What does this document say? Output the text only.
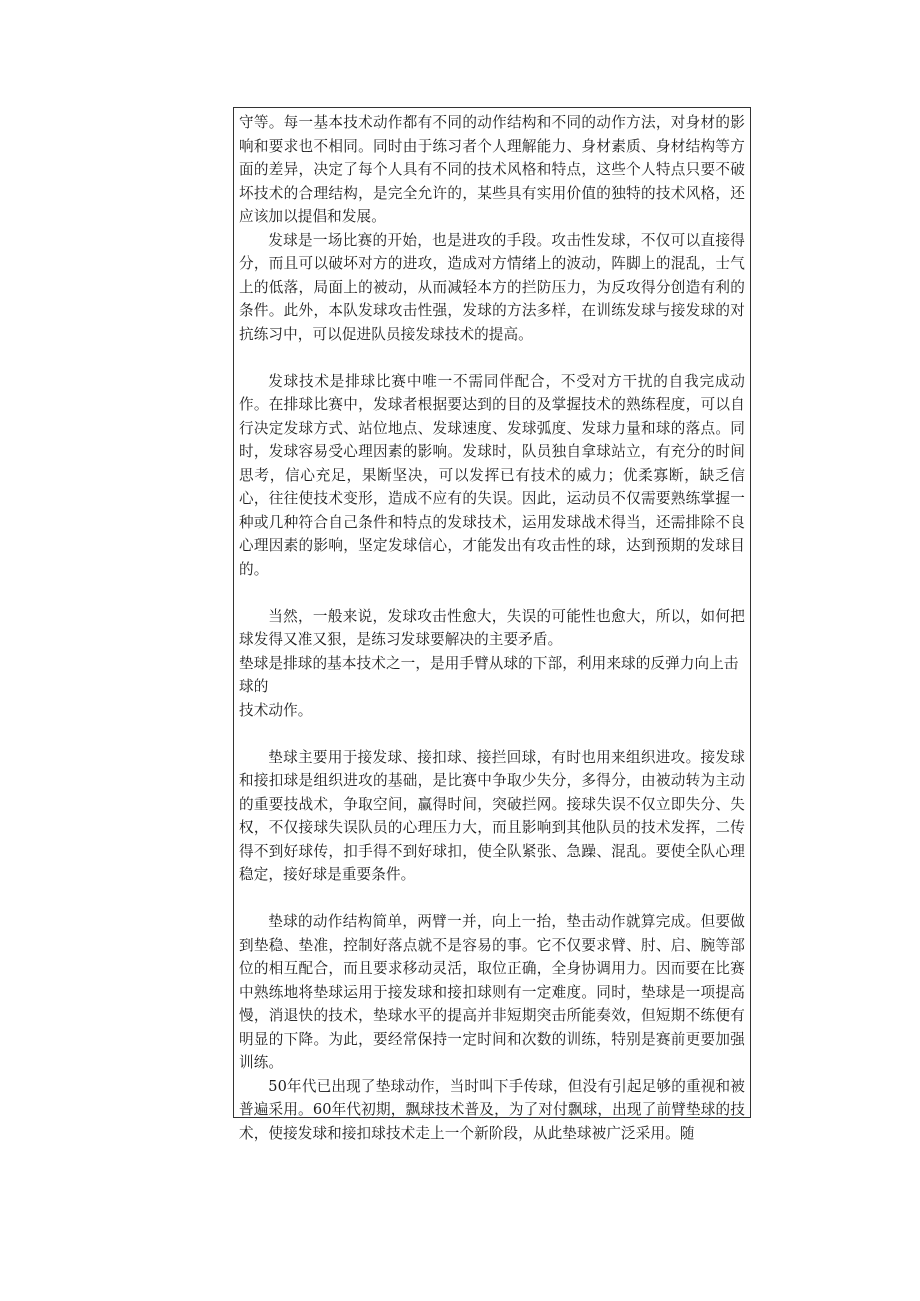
守等。每一基本技术动作都有不同的动作结构和不同的动作方法，对身材的影响和要求也不相同。同时由于练习者个人理解能力、身材素质、身材结构等方面的差异，决定了每个人具有不同的技术风格和特点，这些个人特点只要不破坏技术的合理结构，是完全允许的，某些具有实用价值的独特的技术风格，还应该加以提倡和发展。

发球是一场比赛的开始，也是进攻的手段。攻击性发球，不仅可以直接得分，而且可以破坏对方的进攻，造成对方情绪上的波动，阵脚上的混乱，士气上的低落，局面上的被动，从而减轻本方的拦防压力，为反攻得分创造有利的条件。此外，本队发球攻击性强，发球的方法多样，在训练发球与接发球的对抗练习中，可以促进队员接发球技术的提高。

发球技术是排球比赛中唯一不需同伴配合，不受对方干扰的自我完成动作。在排球比赛中，发球者根据要达到的目的及掌握技术的熟练程度，可以自行决定发球方式、站位地点、发球速度、发球弧度、发球力量和球的落点。同时，发球容易受心理因素的影响。发球时，队员独自拿球站立，有充分的时间思考，信心充足，果断坚决，可以发挥已有技术的威力；优柔寡断，缺乏信心，往往使技术变形，造成不应有的失误。因此，运动员不仅需要熟练掌握一种或几种符合自己条件和特点的发球技术，运用发球战术得当，还需排除不良心理因素的影响，坚定发球信心，才能发出有攻击性的球，达到预期的发球目的。

当然，一般来说，发球攻击性愈大，失误的可能性也愈大，所以，如何把球发得又准又狠，是练习发球要解决的主要矛盾。

垫球是排球的基本技术之一，是用手臂从球的下部，利用来球的反弹力向上击球的

技术动作。

垫球主要用于接发球、接扣球、接拦回球，有时也用来组织进攻。接发球和接扣球是组织进攻的基础，是比赛中争取少失分，多得分，由被动转为主动的重要技战术，争取空间，赢得时间，突破拦网。接球失误不仅立即失分、失权，不仅接球失误队员的心理压力大，而且影响到其他队员的技术发挥，二传得不到好球传，扣手得不到好球扣，使全队紧张、急躁、混乱。要使全队心理稳定，接好球是重要条件。

垫球的动作结构简单，两臂一并，向上一抬，垫击动作就算完成。但要做到垫稳、垫准，控制好落点就不是容易的事。它不仅要求臂、肘、启、腕等部位的相互配合，而且要求移动灵活，取位正确，全身协调用力。因而要在比赛中熟练地将垫球运用于接发球和接扣球则有一定难度。同时，垫球是一项提高慢，消退快的技术，垫球水平的提高并非短期突击所能奏效，但短期不练便有明显的下降。为此，要经常保持一定时间和次数的训练，特别是赛前更要加强训练。

50年代已出现了垫球动作，当时叫下手传球，但没有引起足够的重视和被普遍采用。60年代初期，飘球技术普及，为了对付飘球，出现了前臂垫球的技术，使接发球和接扣球技术走上一个新阶段，从此垫球被广泛采用。随
